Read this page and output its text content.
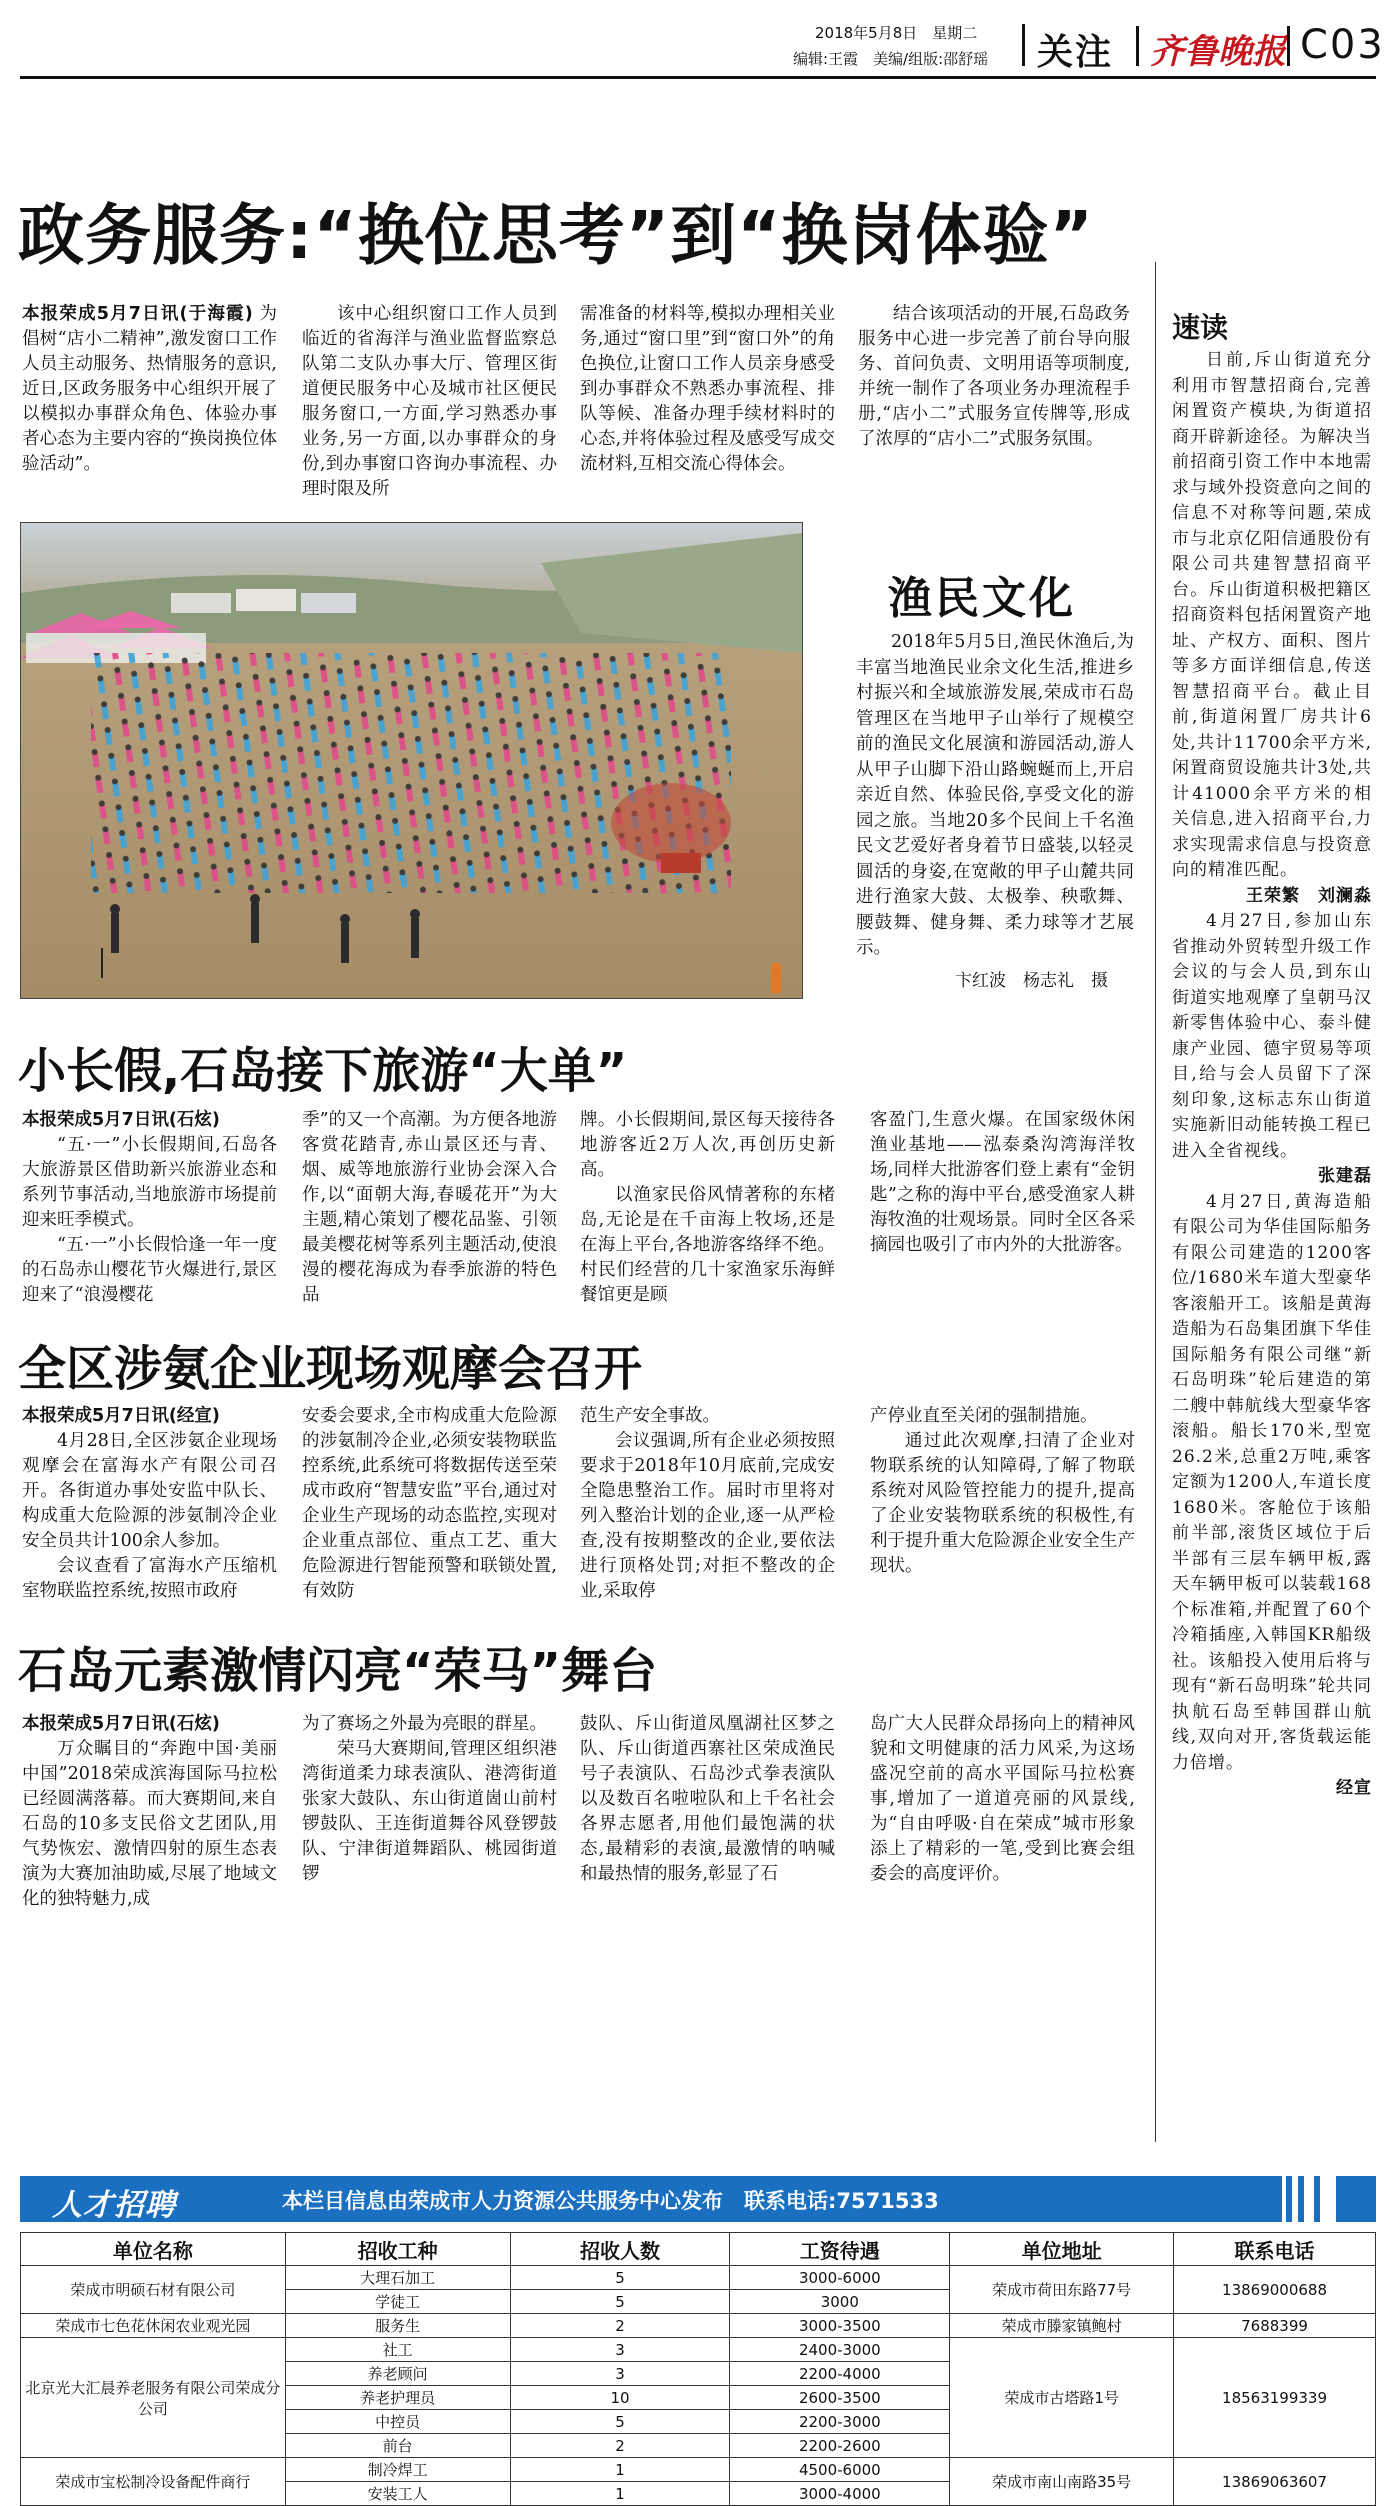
2018年5月8日　星期二
编辑:王霞　美编/组版:邵舒瑶 关注 齐鲁晚报 C03
政务服务:“换位思考”到“换岗体验”

本报荣成5月7日讯(于海霞) 为倡树“店小二精神”,激发窗口工作人员主动服务、热情服务的意识,近日,区政务服务中心组织开展了以模拟办事群众角色、体验办事者心态为主要内容的“换岗换位体验活动”。

该中心组织窗口工作人员到临近的省海洋与渔业监督监察总队第二支队办事大厅、管理区街道便民服务中心及城市社区便民服务窗口,一方面,学习熟悉办事业务,另一方面,以办事群众的身份,到办事窗口咨询办事流程、办理时限及所

需准备的材料等,模拟办理相关业务,通过“窗口里”到“窗口外”的角色换位,让窗口工作人员亲身感受到办事群众不熟悉办事流程、排队等候、准备办理手续材料时的心态,并将体验过程及感受写成交流材料,互相交流心得体会。

结合该项活动的开展,石岛政务服务中心进一步完善了前台导向服务、首问负责、文明用语等项制度,并统一制作了各项业务办理流程手册,“店小二”式服务宣传牌等,形成了浓厚的“店小二”式服务氛围。

渔民文化

2018年5月5日,渔民休渔后,为丰富当地渔民业余文化生活,推进乡村振兴和全域旅游发展,荣成市石岛管理区在当地甲子山举行了规模空前的渔民文化展演和游园活动,游人从甲子山脚下沿山路蜿蜒而上,开启亲近自然、体验民俗,享受文化的游园之旅。当地20多个民间上千名渔民文艺爱好者身着节日盛装,以轻灵圆活的身姿,在宽敞的甲子山麓共同进行渔家大鼓、太极拳、秧歌舞、腰鼓舞、健身舞、柔力球等才艺展示。

卞红波　杨志礼　摄
小长假,石岛接下旅游“大单”

本报荣成5月7日讯(石炫)

“五·一”小长假期间,石岛各大旅游景区借助新兴旅游业态和系列节事活动,当地旅游市场提前迎来旺季模式。

“五·一”小长假恰逢一年一度的石岛赤山樱花节火爆进行,景区迎来了“浪漫樱花

季”的又一个高潮。为方便各地游客赏花踏青,赤山景区还与青、烟、威等地旅游行业协会深入合作,以“面朝大海,春暖花开”为大主题,精心策划了樱花品鉴、引领最美樱花树等系列主题活动,使浪漫的樱花海成为春季旅游的特色品

牌。小长假期间,景区每天接待各地游客近2万人次,再创历史新高。

以渔家民俗风情著称的东楮岛,无论是在千亩海上牧场,还是在海上平台,各地游客络绎不绝。村民们经营的几十家渔家乐海鲜餐馆更是顾

客盈门,生意火爆。在国家级休闲渔业基地——泓泰桑沟湾海洋牧场,同样大批游客们登上素有“金钥匙”之称的海中平台,感受渔家人耕海牧渔的壮观场景。同时全区各采摘园也吸引了市内外的大批游客。

全区涉氨企业现场观摩会召开

本报荣成5月7日讯(经宣)

4月28日,全区涉氨企业现场观摩会在富海水产有限公司召开。各街道办事处安监中队长、构成重大危险源的涉氨制冷企业安全员共计100余人参加。

会议查看了富海水产压缩机室物联监控系统,按照市政府

安委会要求,全市构成重大危险源的涉氨制冷企业,必须安装物联监控系统,此系统可将数据传送至荣成市政府“智慧安监”平台,通过对企业生产现场的动态监控,实现对企业重点部位、重点工艺、重大危险源进行智能预警和联锁处置,有效防

范生产安全事故。

会议强调,所有企业必须按照要求于2018年10月底前,完成安全隐患整治工作。届时市里将对列入整治计划的企业,逐一从严检查,没有按期整改的企业,要依法进行顶格处罚;对拒不整改的企业,采取停

产停业直至关闭的强制措施。

通过此次观摩,扫清了企业对物联系统的认知障碍,了解了物联系统对风险管控能力的提升,提高了企业安装物联系统的积极性,有利于提升重大危险源企业安全生产现状。

石岛元素激情闪亮“荣马”舞台

本报荣成5月7日讯(石炫)

万众瞩目的“奔跑中国·美丽中国”2018荣成滨海国际马拉松已经圆满落幕。而大赛期间,来自石岛的10多支民俗文艺团队,用气势恢宏、激情四射的原生态表演为大赛加油助威,尽展了地域文化的独特魅力,成

为了赛场之外最为亮眼的群星。

荣马大赛期间,管理区组织港湾街道柔力球表演队、港湾街道张家大鼓队、东山街道崮山前村锣鼓队、王连街道舞谷风登锣鼓队、宁津街道舞蹈队、桃园街道锣

鼓队、斥山街道凤凰湖社区梦之队、斥山街道西寨社区荣成渔民号子表演队、石岛沙式拳表演队以及数百名啦啦队和上千名社会各界志愿者,用他们最饱满的状态,最精彩的表演,最激情的呐喊和最热情的服务,彰显了石

岛广大人民群众昂扬向上的精神风貌和文明健康的活力风采,为这场盛况空前的高水平国际马拉松赛事,增加了一道道亮丽的风景线,为“自由呼吸·自在荣成”城市形象添上了精彩的一笔,受到比赛会组委会的高度评价。

速读

日前,斥山街道充分利用市智慧招商台,完善闲置资产模块,为街道招商开辟新途径。为解决当前招商引资工作中本地需求与域外投资意向之间的信息不对称等问题,荣成市与北京亿阳信通股份有限公司共建智慧招商平台。斥山街道积极把籍区招商资料包括闲置资产地址、产权方、面积、图片等多方面详细信息,传送智慧招商平台。截止目前,街道闲置厂房共计6处,共计11700余平方米,闲置商贸设施共计3处,共计41000余平方米的相关信息,进入招商平台,力求实现需求信息与投资意向的精准匹配。

王荣繁　刘澜淼

4月27日,参加山东省推动外贸转型升级工作会议的与会人员,到东山街道实地观摩了皇朝马汉新零售体验中心、泰斗健康产业园、德宇贸易等项目,给与会人员留下了深刻印象,这标志东山街道实施新旧动能转换工程已进入全省视线。

张建磊

4月27日,黄海造船有限公司为华佳国际船务有限公司建造的1200客位/1680米车道大型豪华客滚船开工。该船是黄海造船为石岛集团旗下华佳国际船务有限公司继“新石岛明珠”轮后建造的第二艘中韩航线大型豪华客滚船。船长170米,型宽26.2米,总重2万吨,乘客定额为1200人,车道长度1680米。客舱位于该船前半部,滚货区域位于后半部有三层车辆甲板,露天车辆甲板可以装载168个标准箱,并配置了60个冷箱插座,入韩国KR船级社。该船投入使用后将与现有“新石岛明珠”轮共同执航石岛至韩国群山航线,双向对开,客货载运能力倍增。

经宣

人才招聘	本栏目信息由荣成市人力资源公共服务中心发布　联系电话:7571533
单位名称	招收工种	招收人数	工资待遇	单位地址	联系电话
荣成市明硕石材有限公司	大理石加工	5	3000-6000	荣成市荷田东路77号	13869000688
	学徒工	5	3000		
荣成市七色花休闲农业观光园	服务生	2	3000-3500	荣成市滕家镇鲍村	7688399
北京光大汇晨养老服务有限公司荣成分公司	社工	3	2400-3000	荣成市古塔路1号	18563199339
	养老顾问	3	2200-4000		
	养老护理员	10	2600-3500		
	中控员	5	2200-3000		
	前台	2	2200-2600		
荣成市宝松制冷设备配件商行	制冷焊工	1	4500-6000	荣成市南山南路35号	13869063607
	安装工人	1	3000-4000		
